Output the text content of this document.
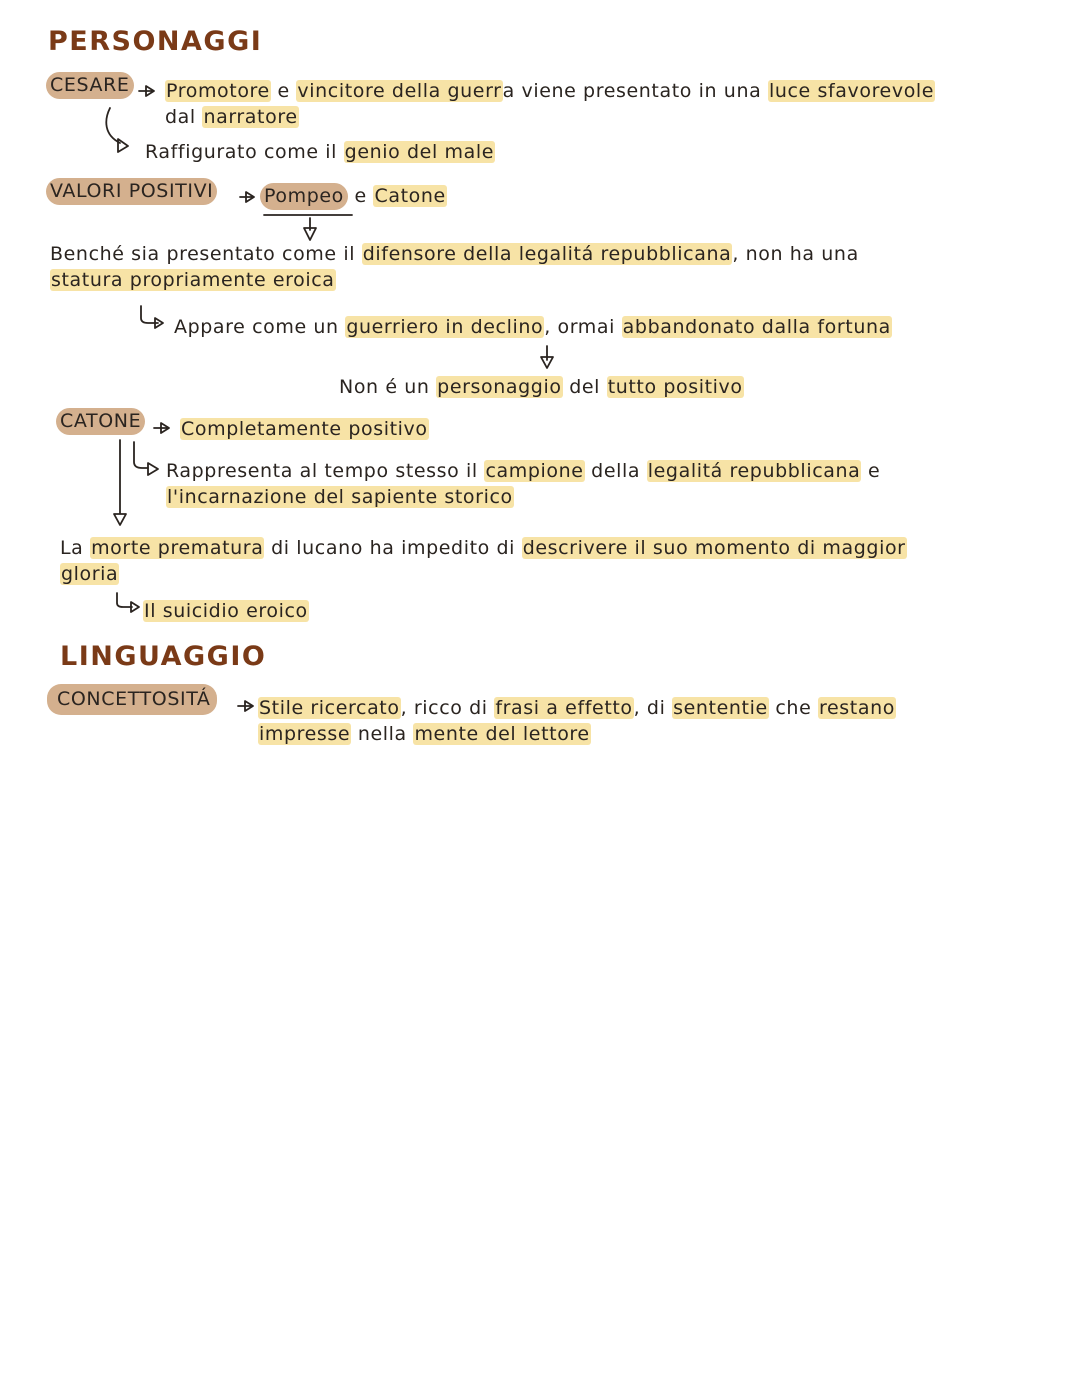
PERSONAGGI
CESARE Promotore e vincitore della guerra viene presentato in una luce sfavorevole
dal narratore
Raffigurato come il genio del male
VALORI POSITIVI	Pompeo e Catone
Benché sia presentato come il difensore della legalitá repubblicana, non ha una
statura propriamente eroica
Appare come un guerriero in declino, ormai abbandonato dalla fortuna
Non é un personaggio del tutto positivo
CATONE Completamente positivo
Rappresenta al tempo stesso il campione della legalitá repubblicana e
l'incarnazione del sapiente storico
La morte prematura di lucano ha impedito di descrivere il suo momento di maggior
gloria
Il suicidio eroico
LINGUAGGIO
CONCETTOSITÁ	Stile ricercato, ricco di frasi a effetto, di sententie che restano
impresse nella mente del lettore
